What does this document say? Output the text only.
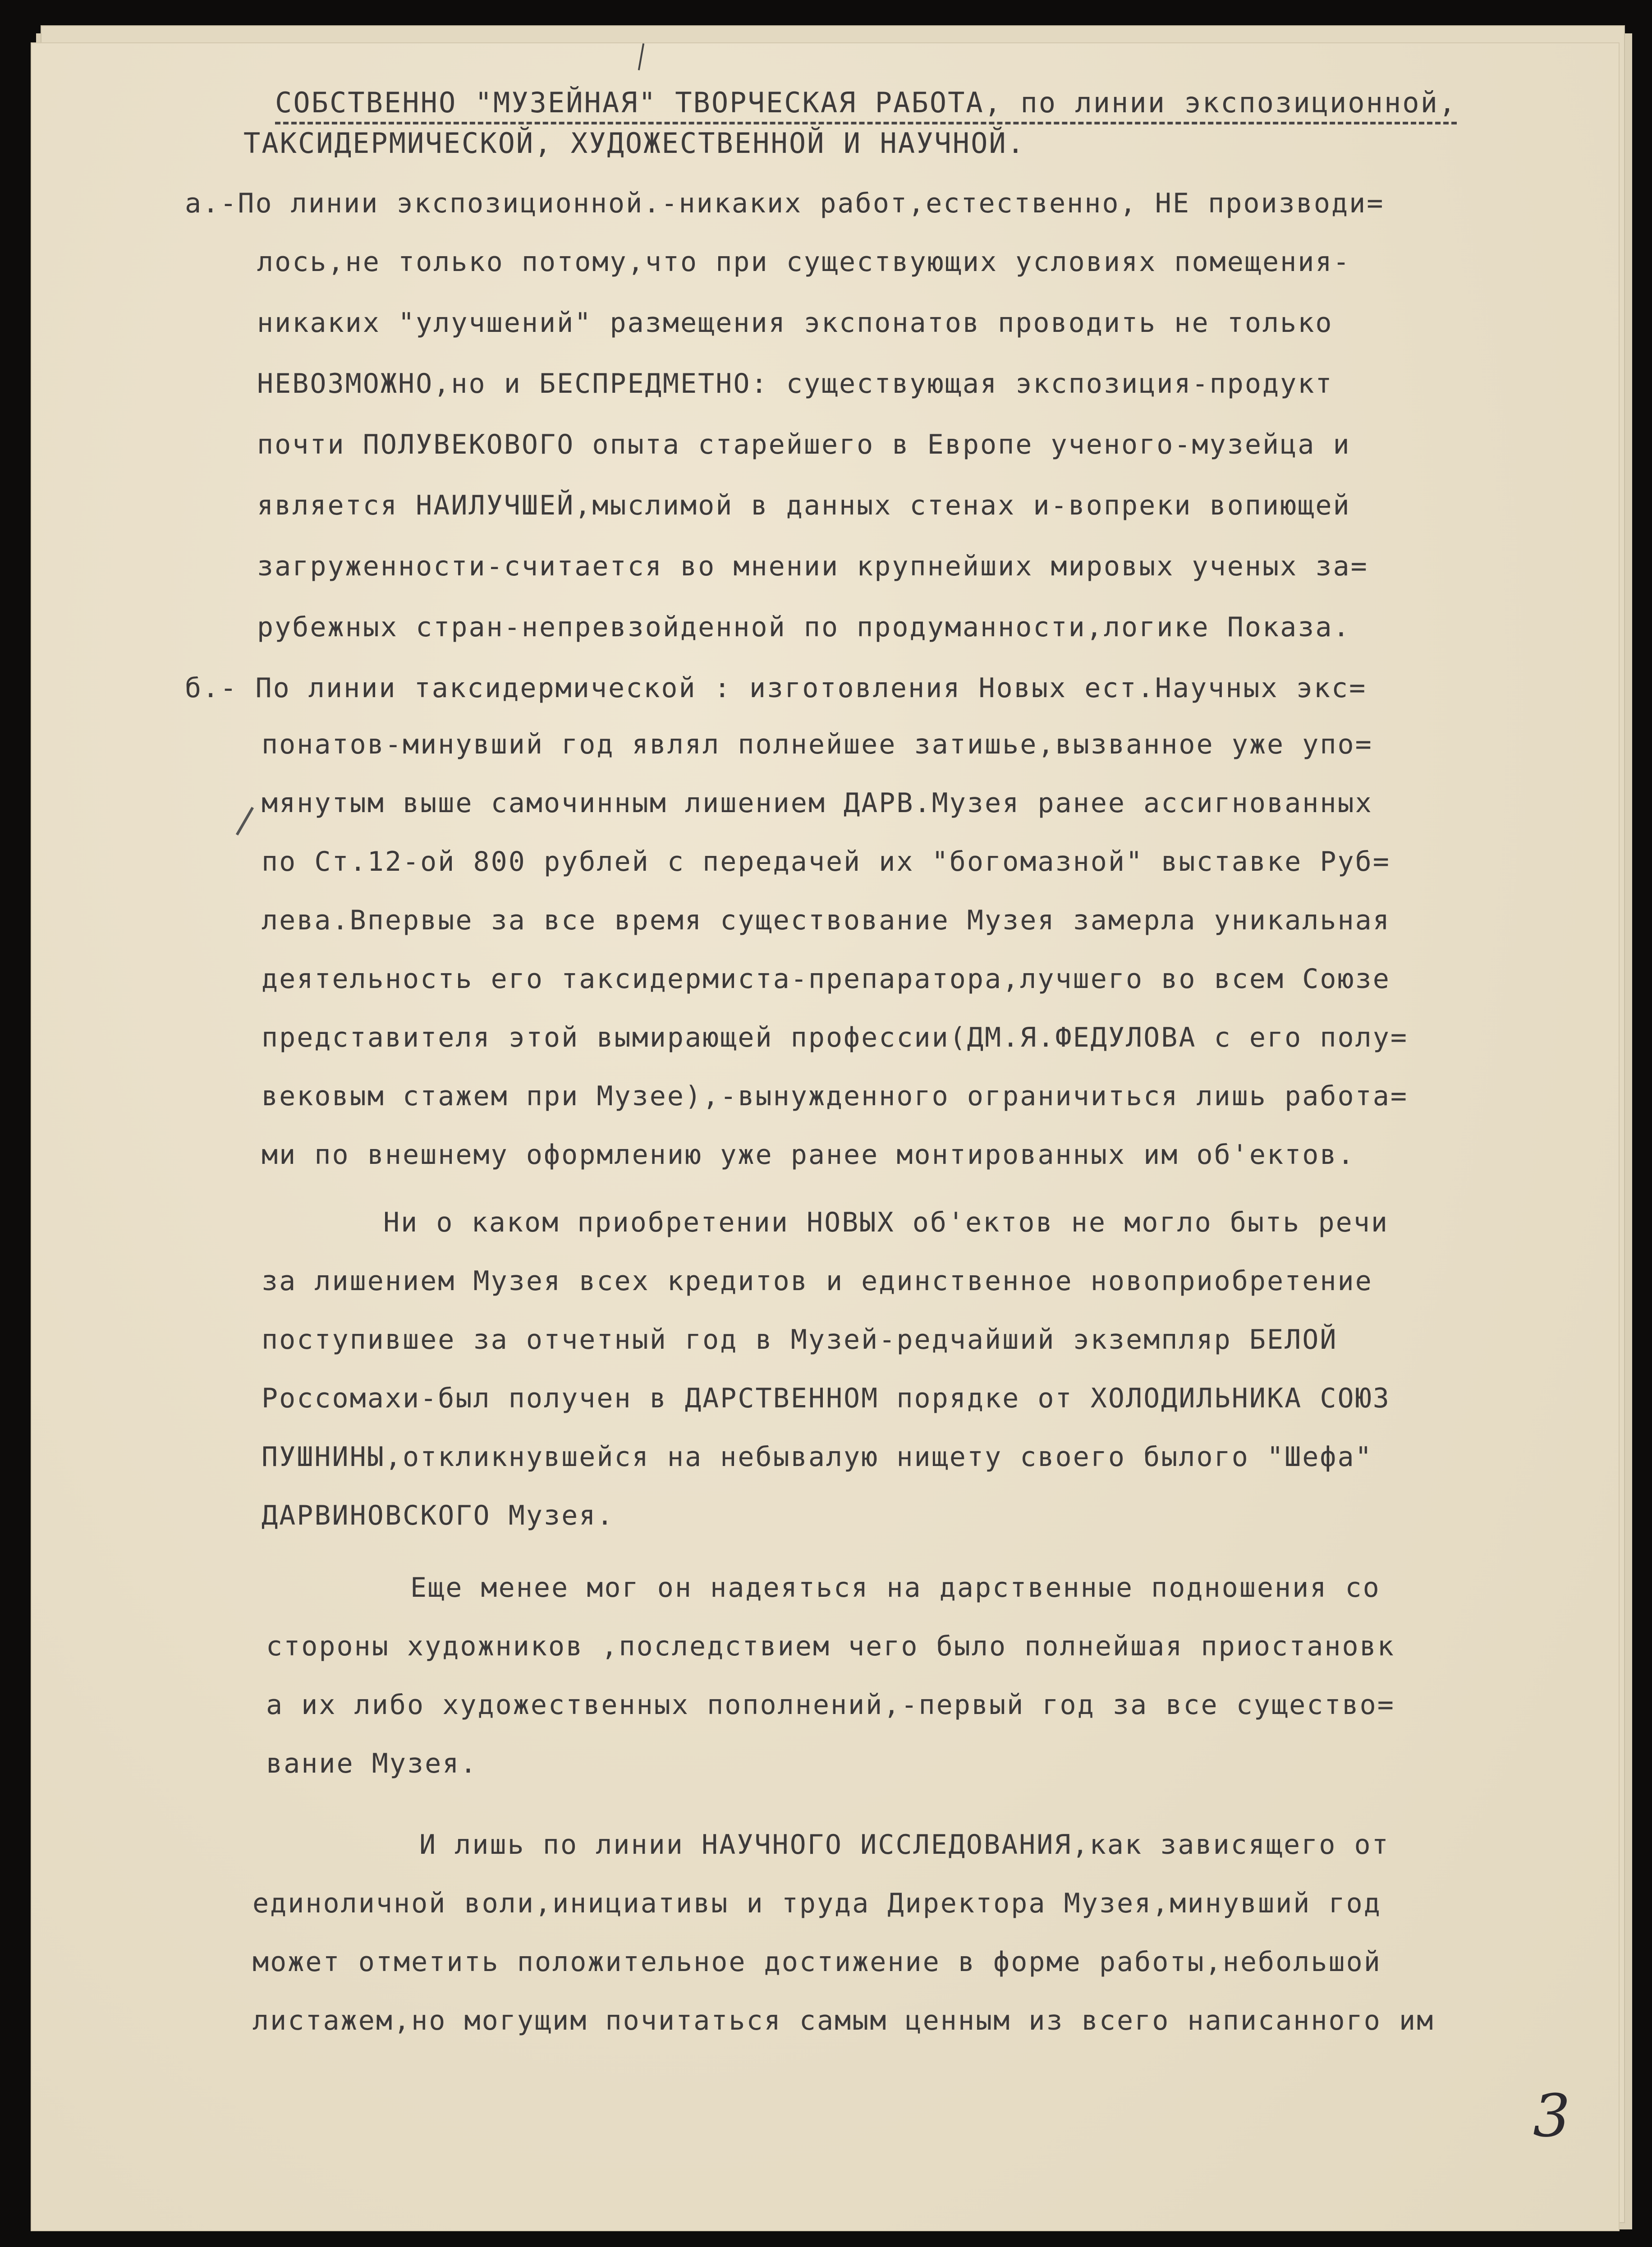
СОБСТВЕННО "МУЗЕЙНАЯ" ТВОРЧЕСКАЯ РАБОТА, по линии экспозиционной,
ТАКСИДЕРМИЧЕСКОЙ, ХУДОЖЕСТВЕННОЙ И НАУЧНОЙ.
а.-По линии экспозиционной.-никаких работ,естественно, НЕ производи=
лось,не только потому,что при существующих условиях помещения-
никаких "улучшений" размещения экспонатов проводить не только
НЕВОЗМОЖНО,но и БЕСПРЕДМЕТНО: существующая экспозиция-продукт
почти ПОЛУВЕКОВОГО опыта старейшего в Европе ученого-музейца и
является НАИЛУЧШЕЙ,мыслимой в данных стенах и-вопреки вопиющей
загруженности-считается во мнении крупнейших мировых ученых за=
рубежных стран-непревзойденной по продуманности,логике Показа.
б.- По линии таксидермической : изготовления Новых ест.Научных экс=
понатов-минувший год являл полнейшее затишье,вызванное уже упо=
мянутым выше самочинным лишением ДАРВ.Музея ранее ассигнованных
по Ст.12-ой 800 рублей с передачей их "богомазной" выставке Руб=
лева.Впервые за все время существование Музея замерла уникальная
деятельность его таксидермиста-препаратора,лучшего во всем Союзе
представителя этой вымирающей профессии(ДМ.Я.ФЕДУЛОВА с его полу=
вековым стажем при Музее),-вынужденного ограничиться лишь работа=
ми по внешнему оформлению уже ранее монтированных им об'ектов.
Ни о каком приобретении НОВЫХ об'ектов не могло быть речи
за лишением Музея всех кредитов и единственное новоприобретение
поступившее за отчетный год в Музей-редчайший экземпляр БЕЛОЙ
Россомахи-был получен в ДАРСТВЕННОМ порядке от ХОЛОДИЛЬНИКА СОЮЗ
ПУШНИНЫ,откликнувшейся на небывалую нищету своего былого "Шефа"
ДАРВИНОВСКОГО Музея.
Еще менее мог он надеяться на дарственные подношения со
стороны художников ,последствием чего было полнейшая приостановк
а их либо художественных пополнений,-первый год за все существо=
вание Музея.
И лишь по линии НАУЧНОГО ИССЛЕДОВАНИЯ,как зависящего от
единоличной воли,инициативы и труда Директора Музея,минувший год
может отметить положительное достижение в форме работы,небольшой
листажем,но могущим почитаться самым ценным из всего написанного им
3
